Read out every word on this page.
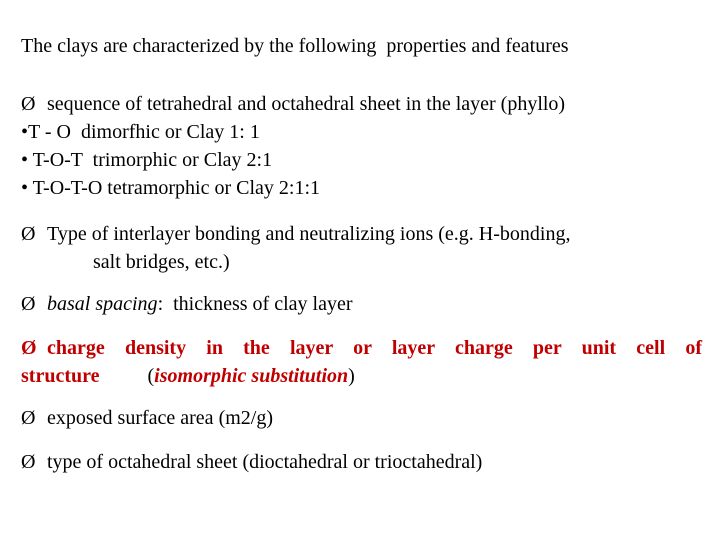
The clays are characterized by the following  properties and features
Ø sequence of tetrahedral and octahedral sheet in the layer (phyllo)
•T - O  dimorfhic or Clay 1: 1
• T-O-T  trimorphic or Clay 2:1
• T-O-T-O tetramorphic or Clay 2:1:1
Ø Type of interlayer bonding and neutralizing ions (e.g. H-bonding,
salt bridges, etc.)
Ø basal spacing:  thickness of clay layer
Ø charge density in the layer or layer charge per unit cell of
structure (isomorphic substitution)
Ø exposed surface area (m2/g)
Ø type of octahedral sheet (dioctahedral or trioctahedral)
